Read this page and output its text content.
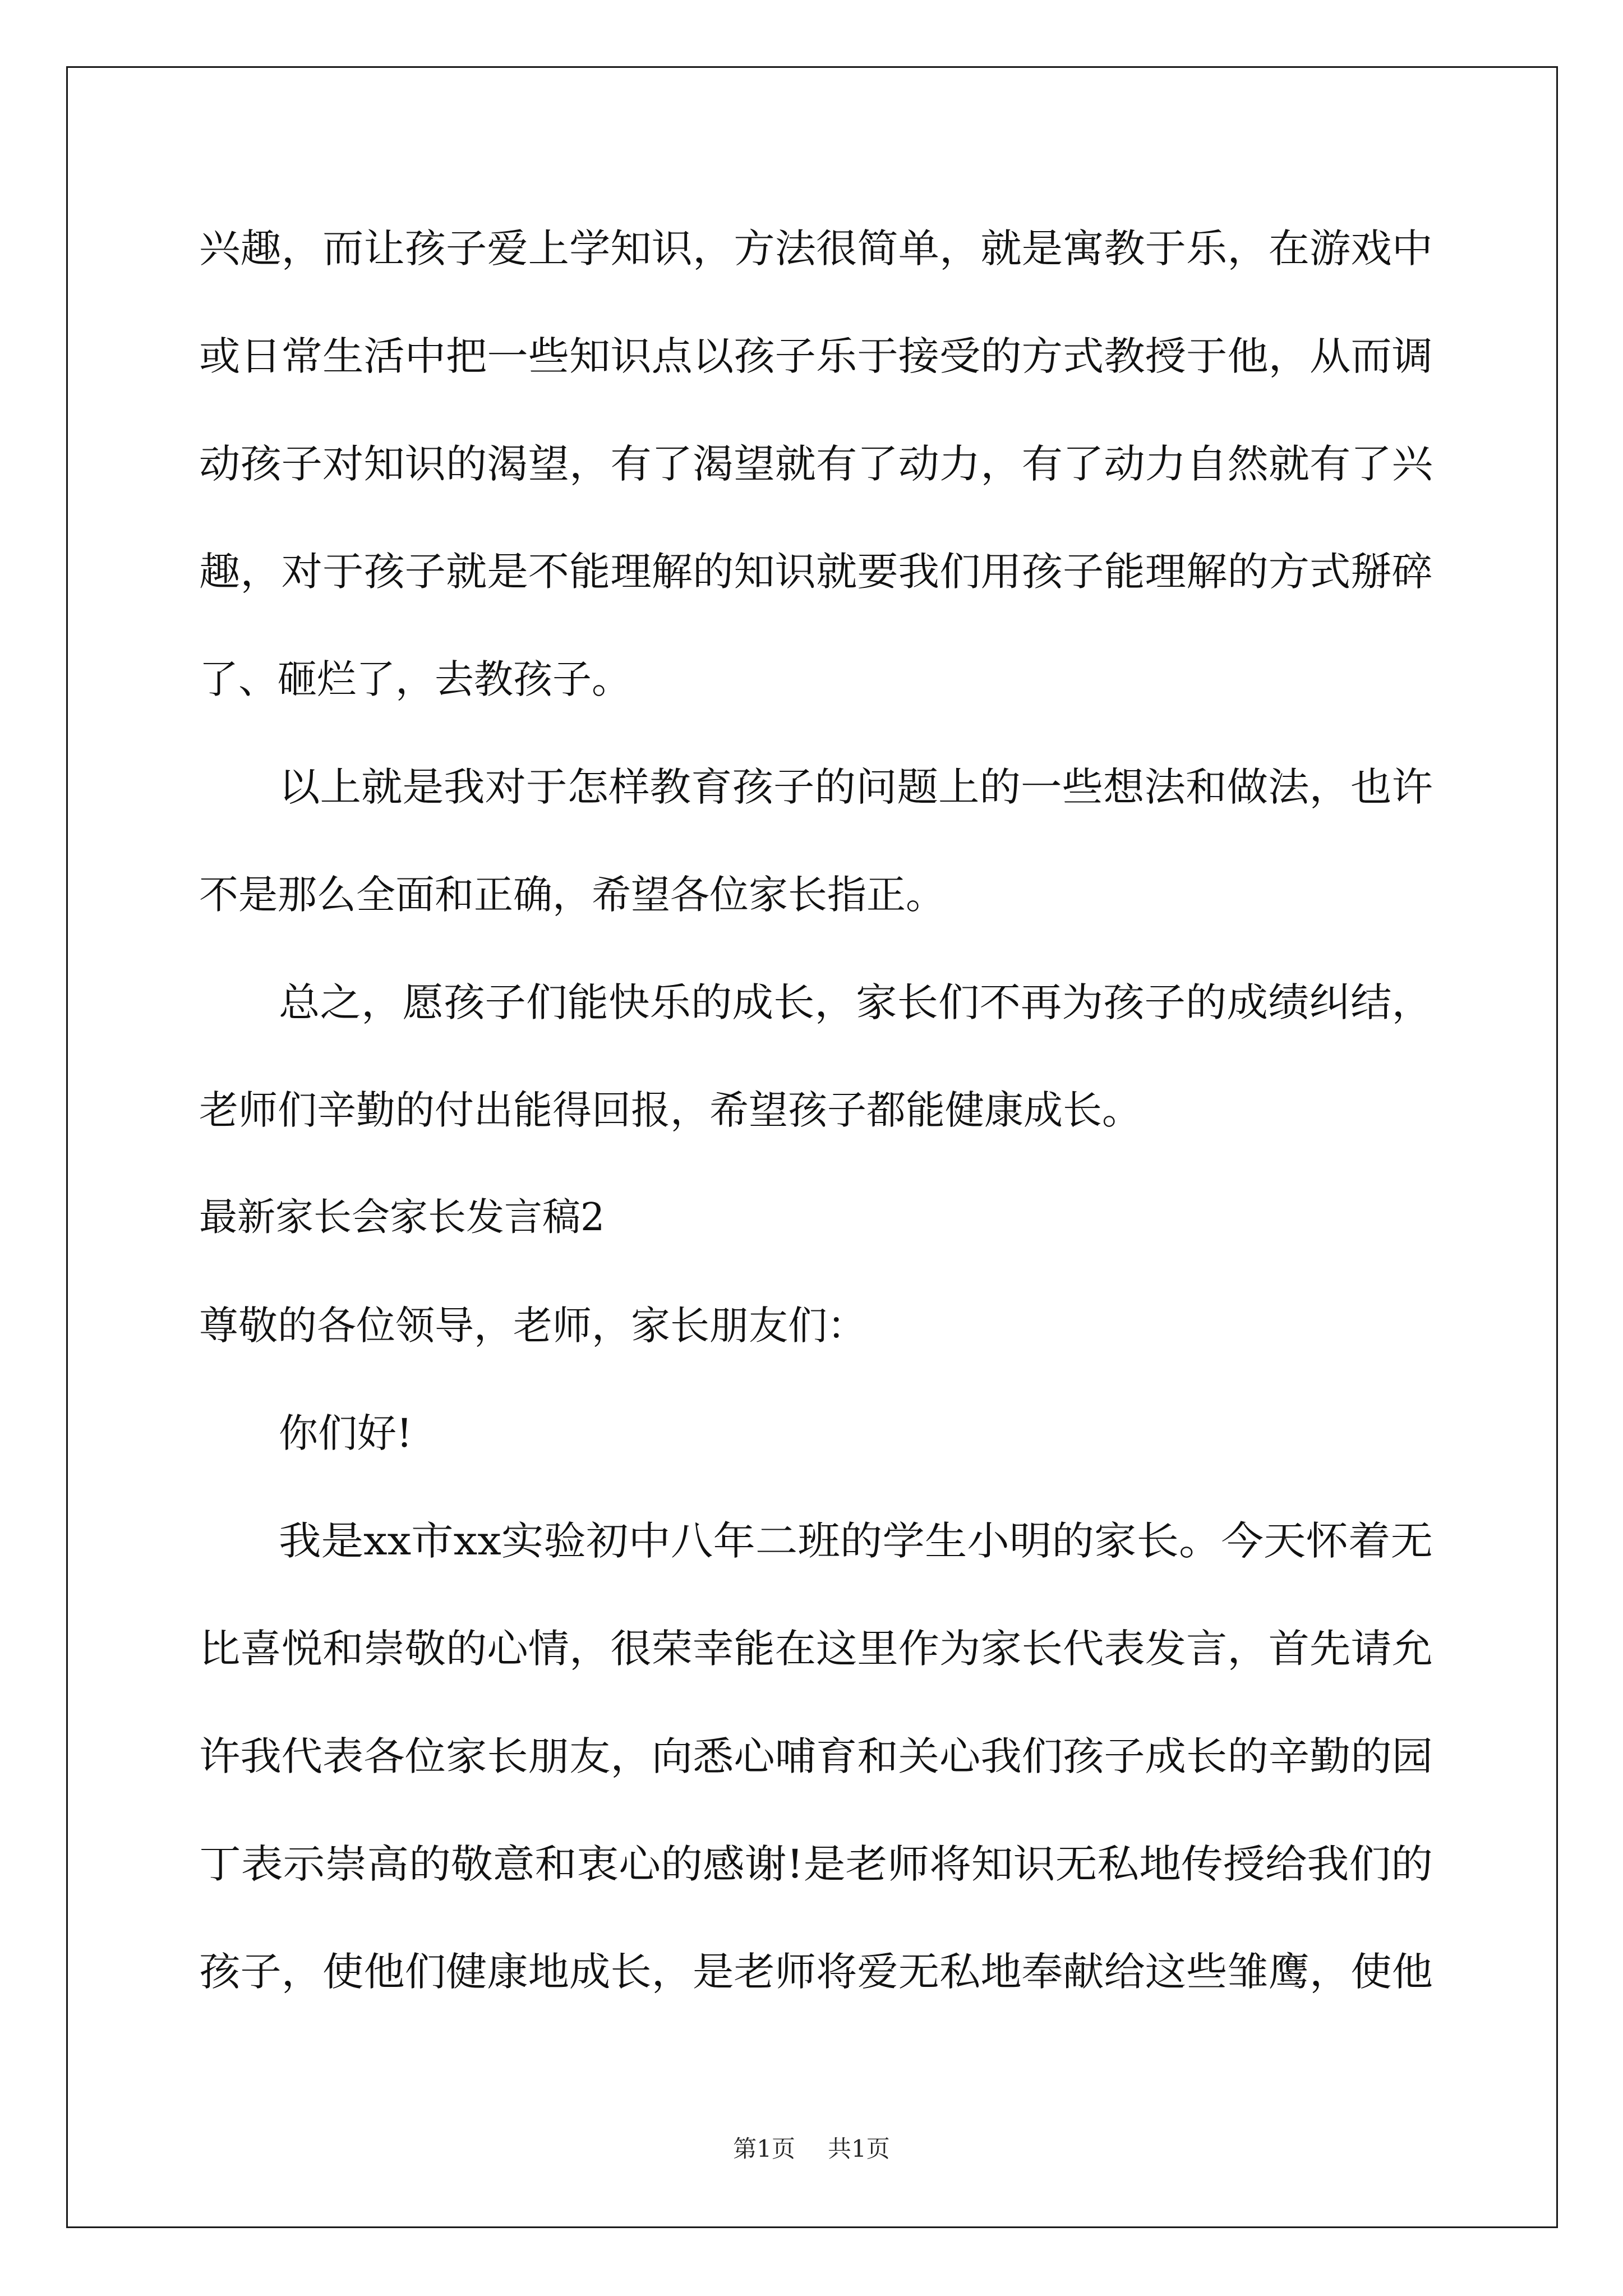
兴趣，而让孩子爱上学知识，方法很简单，就是寓教于乐，在游戏中
或日常生活中把一些知识点以孩子乐于接受的方式教授于他，从而调
动孩子对知识的渴望，有了渴望就有了动力，有了动力自然就有了兴
趣，对于孩子就是不能理解的知识就要我们用孩子能理解的方式掰碎
了、砸烂了，去教孩子。
以上就是我对于怎样教育孩子的问题上的一些想法和做法，也许
不是那么全面和正确，希望各位家长指正。
总之，愿孩子们能快乐的成长，家长们不再为孩子的成绩纠结，
老师们辛勤的付出能得回报，希望孩子都能健康成长。
最新家长会家长发言稿2
尊敬的各位领导，老师，家长朋友们：
你们好!
我是xx市xx实验初中八年二班的学生小明的家长。今天怀着无
比喜悦和崇敬的心情，很荣幸能在这里作为家长代表发言，首先请允
许我代表各位家长朋友，向悉心哺育和关心我们孩子成长的辛勤的园
丁表示崇高的敬意和衷心的感谢!是老师将知识无私地传授给我们的
孩子，使他们健康地成长，是老师将爱无私地奉献给这些雏鹰，使他
第1页 共1页
